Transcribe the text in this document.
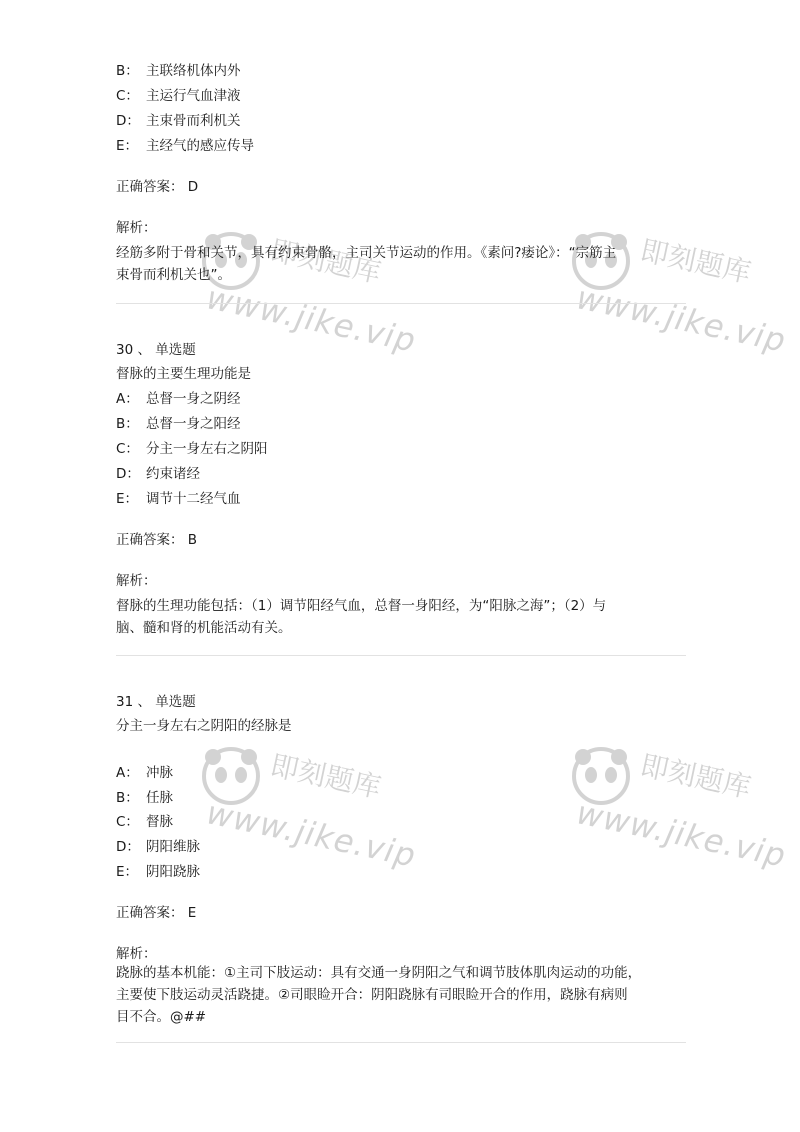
即刻题库
www.jike.vip
即刻题库
www.jike.vip
即刻题库
www.jike.vip
即刻题库
www.jike.vip
B： 主联络机体内外
C： 主运行气血津液
D： 主束骨而利机关
E： 主经气的感应传导
正确答案： D
解析：
经筋多附于骨和关节，具有约束骨骼，主司关节运动的作用。《素问?痿论》：“宗筋主
束骨而利机关也”。
30 、 单选题
督脉的主要生理功能是
A： 总督一身之阴经
B： 总督一身之阳经
C： 分主一身左右之阴阳
D： 约束诸经
E： 调节十二经气血
正确答案： B
解析：
督脉的生理功能包括：（1）调节阳经气血，总督一身阳经，为“阳脉之海”；（2）与
脑、髓和肾的机能活动有关。
31 、 单选题
分主一身左右之阴阳的经脉是
A： 冲脉
B： 任脉
C： 督脉
D： 阴阳维脉
E： 阴阳跷脉
正确答案： E
解析：
跷脉的基本机能：①主司下肢运动：具有交通一身阴阳之气和调节肢体肌肉运动的功能，
主要使下肢运动灵活跷捷。②司眼睑开合：阴阳跷脉有司眼睑开合的作用，跷脉有病则
目不合。@##
